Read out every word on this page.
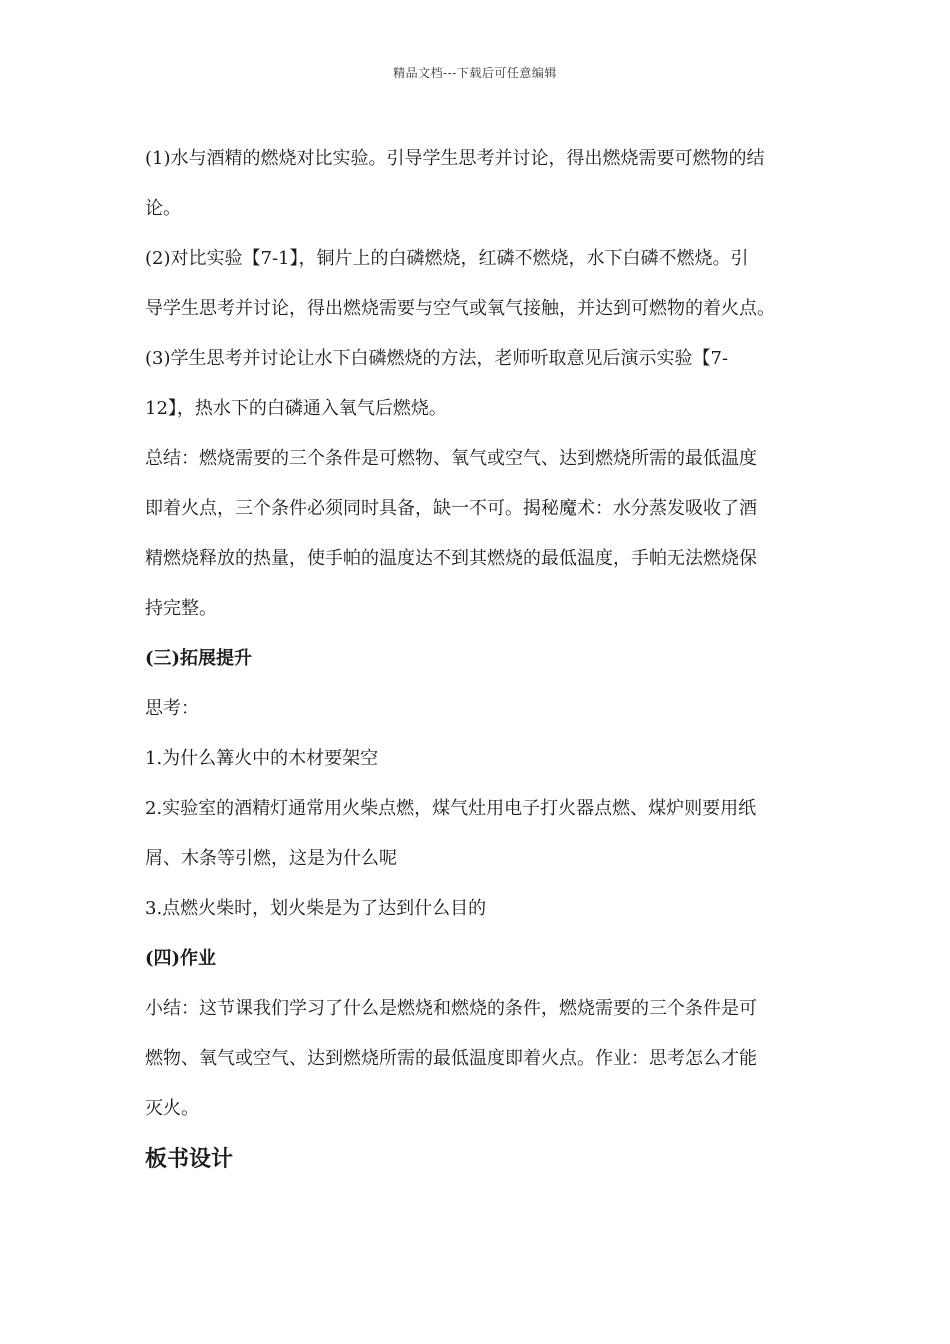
精品文档---下载后可任意编辑
(1)水与酒精的燃烧对比实验。引导学生思考并讨论，得出燃烧需要可燃物的结
论。
(2)对比实验【7-1】，铜片上的白磷燃烧，红磷不燃烧，水下白磷不燃烧。引
导学生思考并讨论，得出燃烧需要与空气或氧气接触，并达到可燃物的着火点。
(3)学生思考并讨论让水下白磷燃烧的方法，老师听取意见后演示实验【7-
12】，热水下的白磷通入氧气后燃烧。
总结：燃烧需要的三个条件是可燃物、氧气或空气、达到燃烧所需的最低温度
即着火点，三个条件必须同时具备，缺一不可。揭秘魔术：水分蒸发吸收了酒
精燃烧释放的热量，使手帕的温度达不到其燃烧的最低温度，手帕无法燃烧保
持完整。
(三)拓展提升
思考：
1.为什么篝火中的木材要架空
2.实验室的酒精灯通常用火柴点燃，煤气灶用电子打火器点燃、煤炉则要用纸
屑、木条等引燃，这是为什么呢
3.点燃火柴时，划火柴是为了达到什么目的
(四)作业
小结：这节课我们学习了什么是燃烧和燃烧的条件，燃烧需要的三个条件是可
燃物、氧气或空气、达到燃烧所需的最低温度即着火点。作业：思考怎么才能
灭火。
板书设计
